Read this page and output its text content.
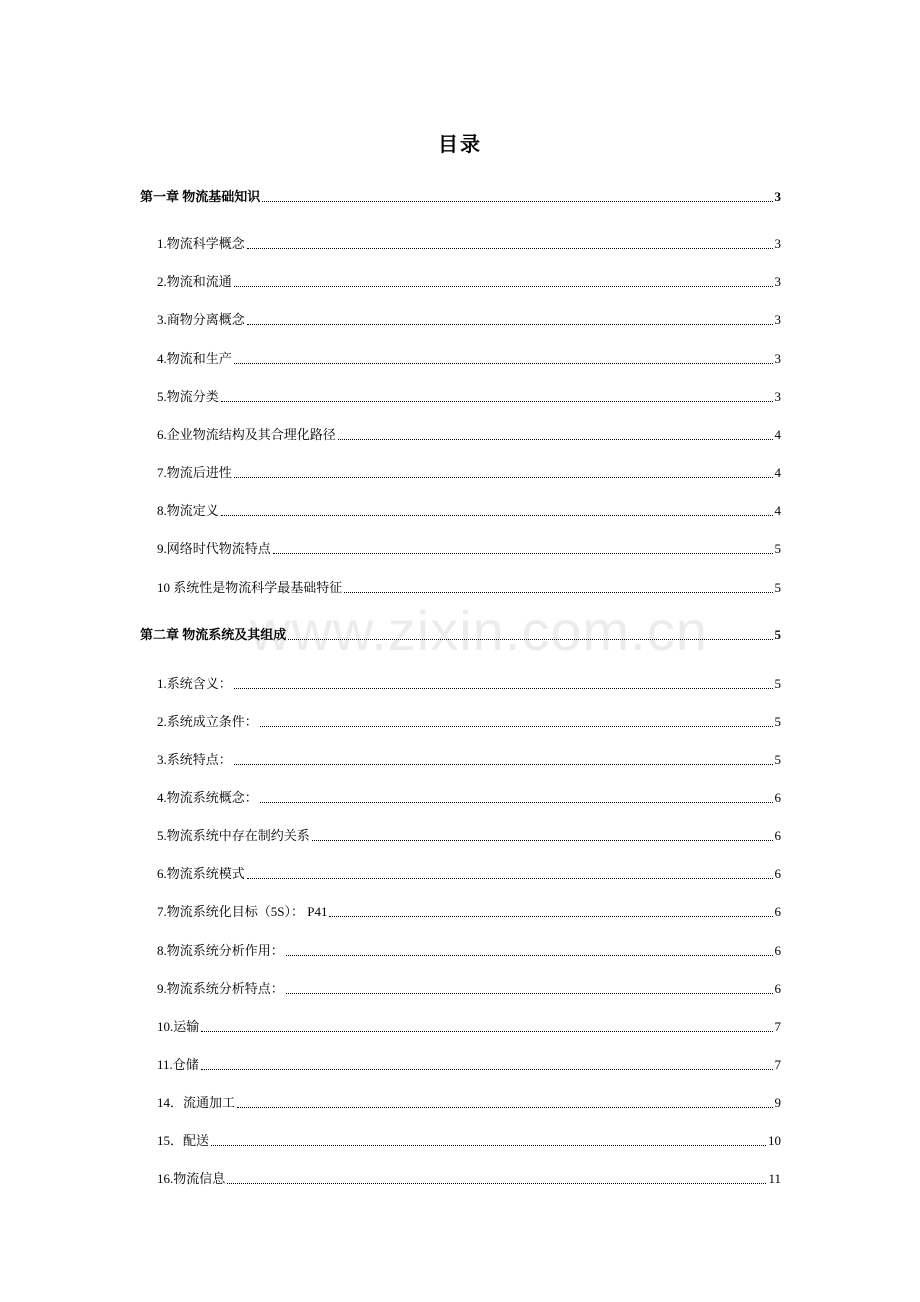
www.zixin.com.cn
目录
第一章 物流基础知识	3
1.物流科学概念	3
2.物流和流通	3
3.商物分离概念	3
4.物流和生产	3
5.物流分类	3
6.企业物流结构及其合理化路径	4
7.物流后进性	4
8.物流定义	4
9.网络时代物流特点	5
10 系统性是物流科学最基础特征	5
第二章 物流系统及其组成	5
1.系统含义：	5
2.系统成立条件：	5
3.系统特点：	5
4.物流系统概念：	6
5.物流系统中存在制约关系	6
6.物流系统模式	6
7.物流系统化目标（5S）： P41	6
8.物流系统分析作用：	6
9.物流系统分析特点：	6
10.运输	7
11.仓储	7
14．流通加工	9
15．配送	10
16.物流信息	11
